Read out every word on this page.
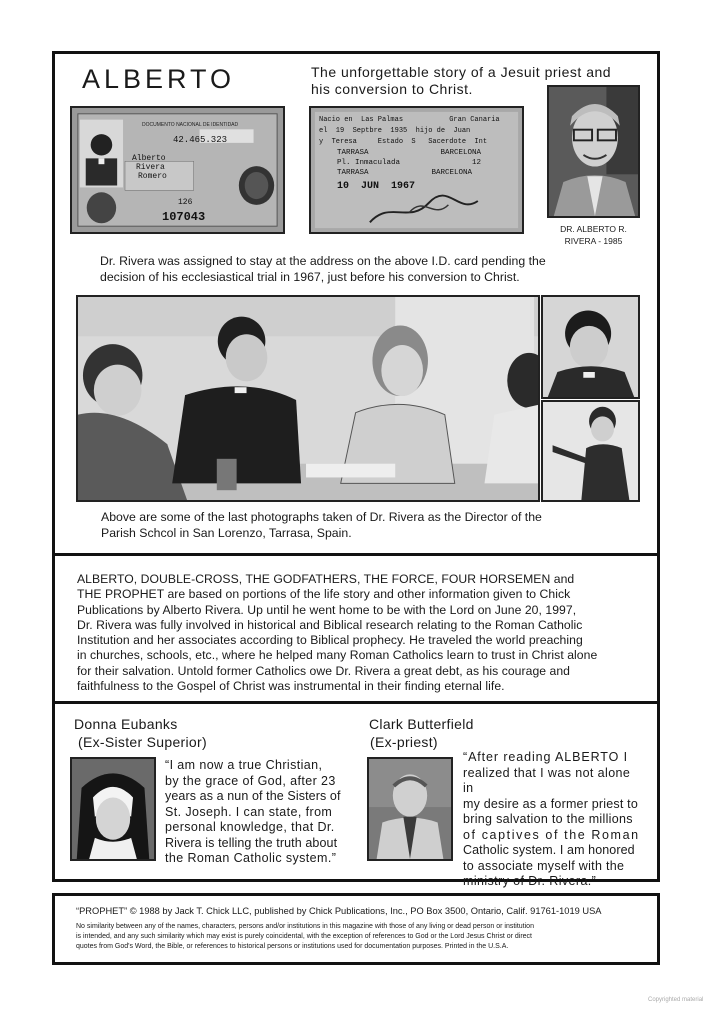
ALBERTO	The unforgettable story of a Jesuit priest and
his conversion to Christ.
DOCUMENTO NACIONAL DE IDENTIDAD
42.465.323
Alberto
Rivera
Romero
126
107043
Nacio en  Las Palmas           Gran Canaria
el  19  Septbre  1935  hijo de  Juan
y  Teresa     Estado  S   Sacerdote  Int
TARRASA                BARCELONA
Pl. Inmaculada                12
TARRASA              BARCELONA
10  JUN  1967
DR. ALBERTO R.
RIVERA - 1985
Dr. Rivera was assigned to stay at the address on the above I.D. card pending the
decision of his ecclesiastical trial in 1967, just before his conversion to Christ.
Above are some of the last photographs taken of Dr. Rivera as the Director of the
Parish Schcol in San Lorenzo, Tarrasa, Spain.
ALBERTO, DOUBLE-CROSS, THE GODFATHERS, THE FORCE, FOUR HORSEMEN and
THE PROPHET are based on portions of the life story and other information given to Chick
Publications by Alberto Rivera. Up until he went home to be with the Lord on June 20, 1997,
Dr. Rivera was fully involved in historical and Biblical research relating to the Roman Catholic
Institution and her associates according to Biblical prophecy. He traveled the world preaching
in churches, schools, etc., where he helped many Roman Catholics learn to trust in Christ alone
for their salvation. Untold former Catholics owe Dr. Rivera a great debt, as his courage and
faithfulness to the Gospel of Christ was instrumental in their finding eternal life.
Donna Eubanks
(Ex-Sister Superior)
“I am now a true Christian,
by the grace of God, after 23
years as a nun of the Sisters of
St. Joseph. I can state, from
personal knowledge, that Dr.
Rivera is telling the truth about
the Roman Catholic system.”
Clark Butterfield
(Ex-priest)
“After reading ALBERTO I
realized that I was not alone in
my desire as a former priest to
bring salvation to the millions
of captives of the Roman
Catholic system. I am honored
to associate myself with the
ministry of Dr. Rivera.”
“PROPHET” © 1988 by Jack T. Chick LLC, published by Chick Publications, Inc., PO Box 3500, Ontario, Calif. 91761-1019 USA
No similarity between any of the names, characters, persons and/or institutions in this magazine with those of any living or dead person or institution
is intended, and any such similarity which may exist is purely coincidental, with the exception of references to God or the Lord Jesus Christ or direct
quotes from God's Word, the Bible, or references to historical persons or institutions used for documentation purposes. Printed in the U.S.A.
Copyrighted material
